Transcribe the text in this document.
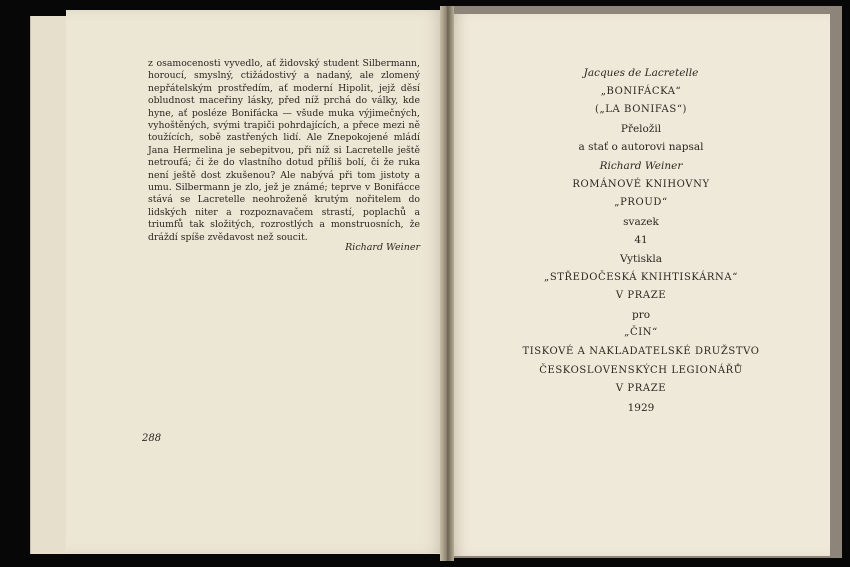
z osamocenosti vyvedlo, ať židovský student Silbermann, horoucí, smyslný, ctižádostivý a nadaný, ale zlomený nepřátelským prostředím, ať moderní Hipolit, jejž děsí obludnost maceřiny lásky, před níž prchá do války, kde hyne, ať posléze Bonifácka — všude muka výjimečných, vyhoštěných, svými trapiči pohrdajících, a přece mezi ně toužících, sobě zastřených lidí. Ale Znepokojené mládí Jana Hermelina je sebepitvou, při níž si Lacretelle ještě netroufá; či že do vlastního dotud příliš bolí, či že ruka není ještě dost zkušenou? Ale nabývá při tom jistoty a umu. Silbermann je zlo, jež je známé; teprve v Bonifácce stává se Lacretelle neohroženě krutým nořitelem do lidských niter a rozpoznavačem strastí, poplachů a triumfů tak složitých, rozrostlých a monstruosních, že dráždí spíše zvědavost než soucit.

Richard Weiner
288
Jacques de Lacretelle
„BONIFÁCKA“
(„LA BONIFAS“)
Přeložil
a stať o autorovi napsal
Richard Weiner
ROMÁNOVÉ KNIHOVNY
„PROUD“
svazek
41
Vytiskla
„STŘEDOČESKÁ KNIHTISKÁRNA“
V PRAZE
pro
„ČIN“
TISKOVÉ A NAKLADATELSKÉ DRUŽSTVO
ČESKOSLOVENSKÝCH LEGIONÁŘŮ
V PRAZE
1929
